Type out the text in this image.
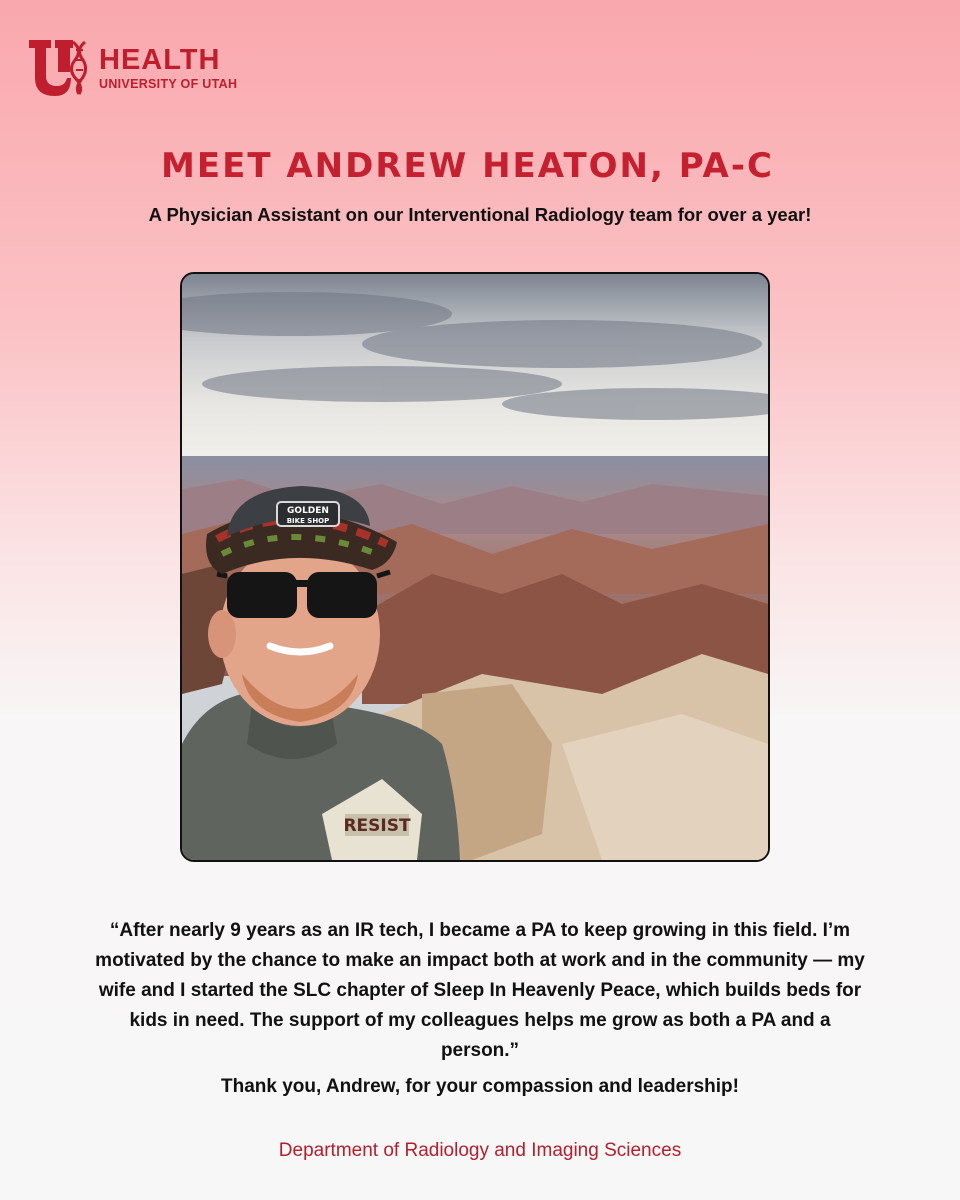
HEALTH
UNIVERSITY OF UTAH
MEET ANDREW HEATON, PA-C
A Physician Assistant on our Interventional Radiology team for over a year!
RESIST
GOLDEN
BIKE SHOP
“After nearly 9 years as an IR tech, I became a PA to keep growing in this field. I’m motivated by the chance to make an impact both at work and in the community — my wife and I started the SLC chapter of Sleep In Heavenly Peace, which builds beds for kids in need. The support of my colleagues helps me grow as both a PA and a person.”
Thank you, Andrew, for your compassion and leadership!
Department of Radiology and Imaging Sciences
